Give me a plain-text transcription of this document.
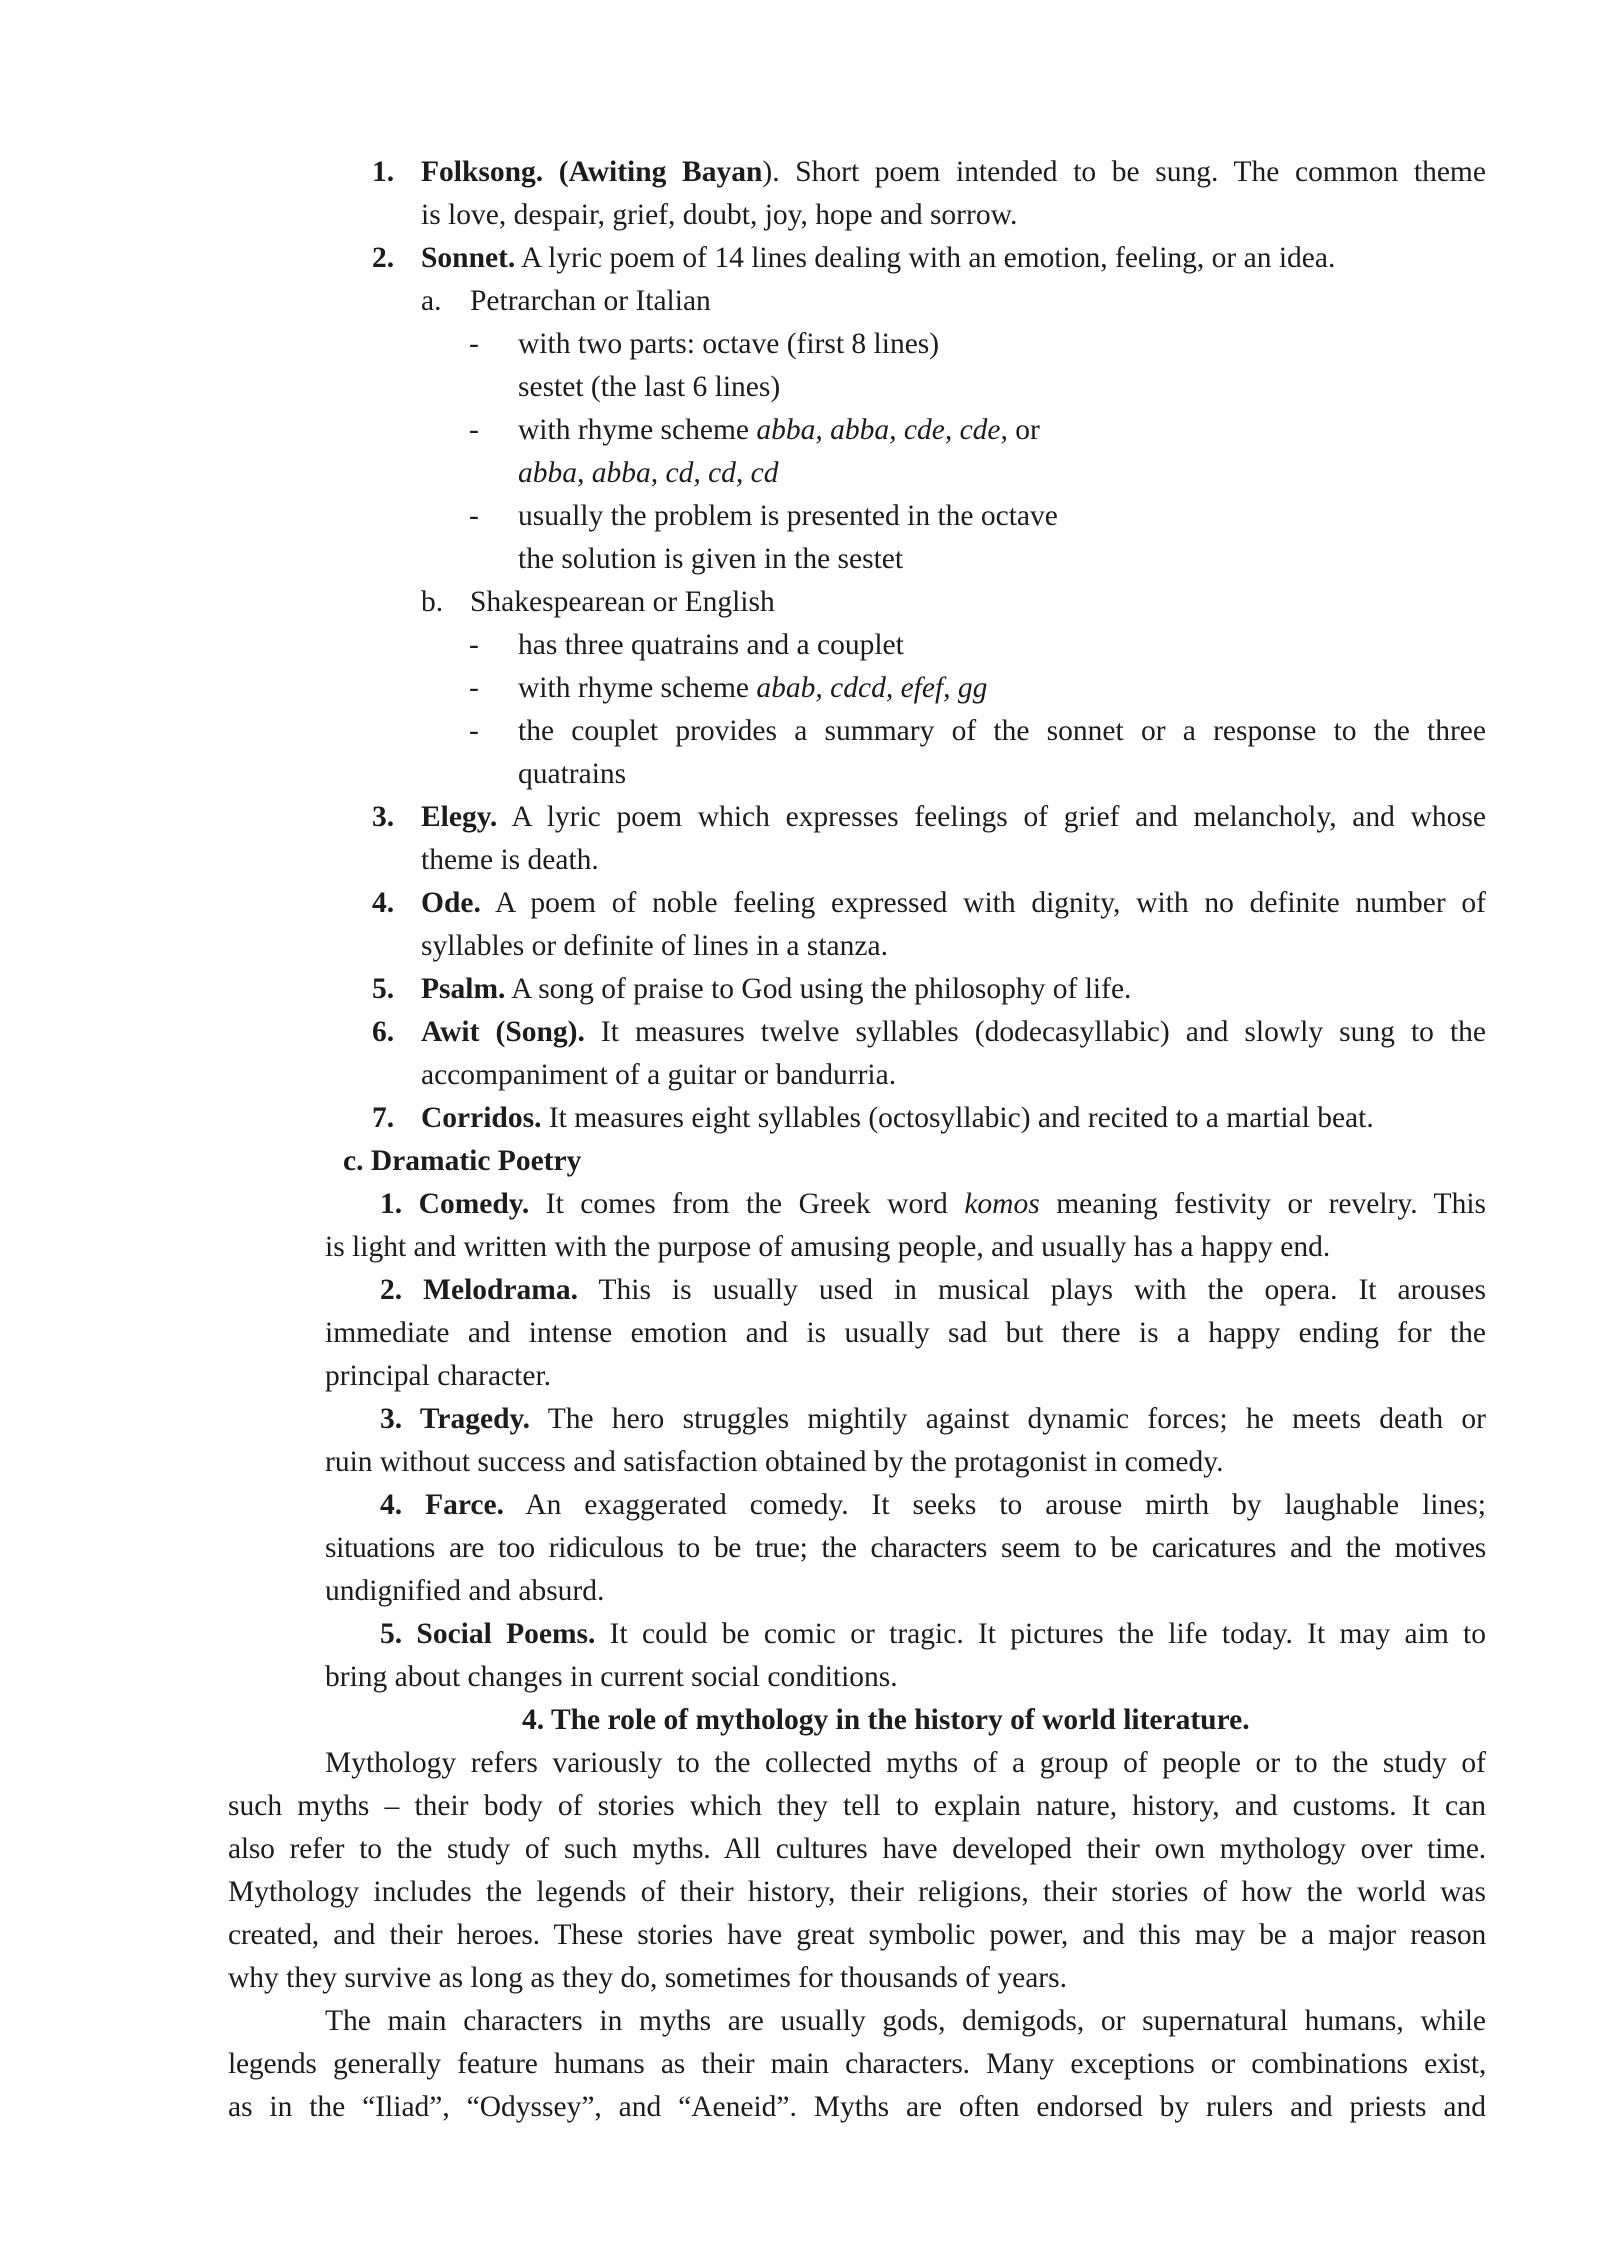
1. Folksong. (Awiting Bayan). Short poem intended to be sung. The common theme
is love, despair, grief, doubt, joy, hope and sorrow.
2. Sonnet. A lyric poem of 14 lines dealing with an emotion, feeling, or an idea.
a. Petrarchan or Italian
- with two parts: octave (first 8 lines)
sestet (the last 6 lines)
- with rhyme scheme abba, abba, cde, cde, or
abba, abba, cd, cd, cd
- usually the problem is presented in the octave
the solution is given in the sestet
b. Shakespearean or English
- has three quatrains and a couplet
- with rhyme scheme abab, cdcd, efef, gg
- the couplet provides a summary of the sonnet or a response to the three
quatrains
3. Elegy. A lyric poem which expresses feelings of grief and melancholy, and whose
theme is death.
4. Ode. A poem of noble feeling expressed with dignity, with no definite number of
syllables or definite of lines in a stanza.
5. Psalm. A song of praise to God using the philosophy of life.
6. Awit (Song). It measures twelve syllables (dodecasyllabic) and slowly sung to the
accompaniment of a guitar or bandurria.
7. Corridos. It measures eight syllables (octosyllabic) and recited to a martial beat.
c. Dramatic Poetry
1. Comedy. It comes from the Greek word komos meaning festivity or revelry. This
is light and written with the purpose of amusing people, and usually has a happy end.
2. Melodrama. This is usually used in musical plays with the opera. It arouses
immediate and intense emotion and is usually sad but there is a happy ending for the
principal character.
3. Tragedy. The hero struggles mightily against dynamic forces; he meets death or
ruin without success and satisfaction obtained by the protagonist in comedy.
4. Farce. An exaggerated comedy. It seeks to arouse mirth by laughable lines;
situations are too ridiculous to be true; the characters seem to be caricatures and the motives
undignified and absurd.
5. Social Poems. It could be comic or tragic. It pictures the life today. It may aim to
bring about changes in current social conditions.
4. The role of mythology in the history of world literature.
Mythology refers variously to the collected myths of a group of people or to the study of
such myths – their body of stories which they tell to explain nature, history, and customs. It can
also refer to the study of such myths. All cultures have developed their own mythology over time.
Mythology includes the legends of their history, their religions, their stories of how the world was
created, and their heroes. These stories have great symbolic power, and this may be a major reason
why they survive as long as they do, sometimes for thousands of years.
The main characters in myths are usually gods, demigods, or supernatural humans, while
legends generally feature humans as their main characters. Many exceptions or combinations exist,
as in the “Iliad”, “Odyssey”, and “Aeneid”. Myths are often endorsed by rulers and priests and
